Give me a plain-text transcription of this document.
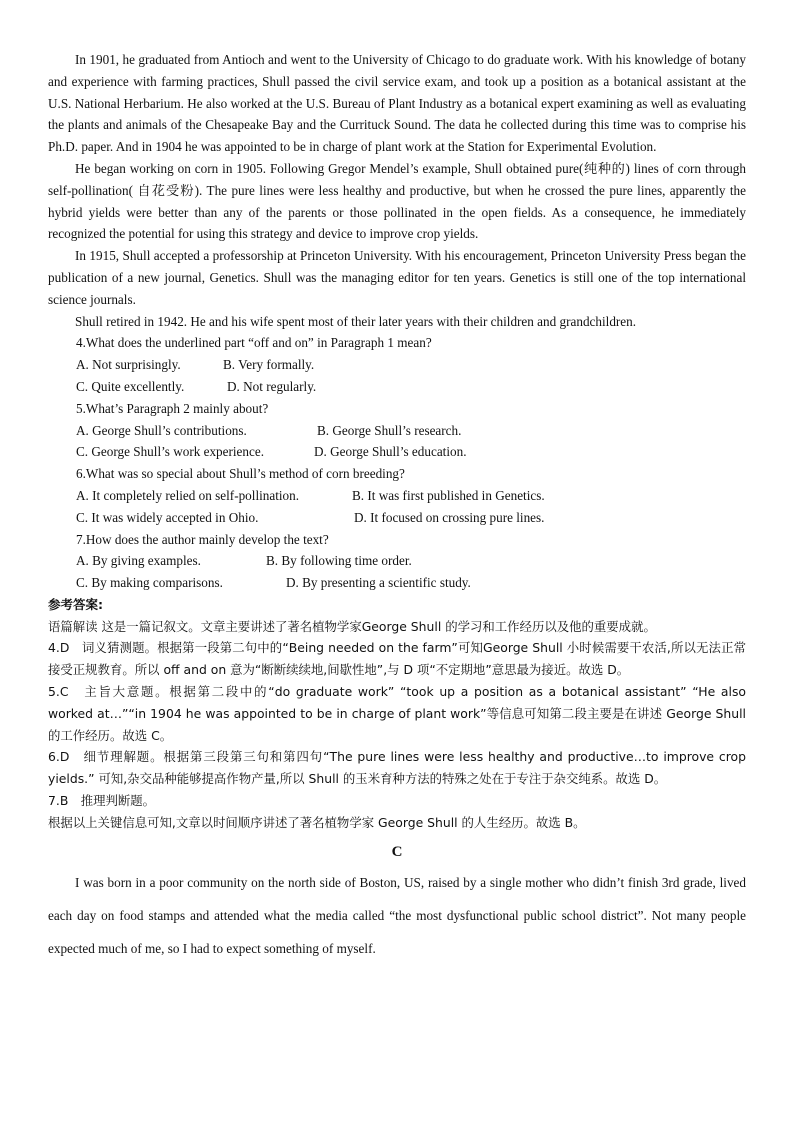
In 1901, he graduated from Antioch and went to the University of Chicago to do graduate work. With his knowledge of botany and experience with farming practices, Shull passed the civil service exam, and took up a position as a botanical assistant at the U.S. National Herbarium. He also worked at the U.S. Bureau of Plant Industry as a botanical expert examining as well as evaluating the plants and animals of the Chesapeake Bay and the Currituck Sound. The data he collected during this time was to comprise his Ph.D. paper. And in 1904 he was appointed to be in charge of plant work at the Station for Experimental Evolution.

He began working on corn in 1905. Following Gregor Mendel’s example, Shull obtained pure(纯种的) lines of corn through self-pollination( 自花受粉). The pure lines were less healthy and productive, but when he crossed the pure lines, apparently the hybrid yields were better than any of the parents or those pollinated in the open fields. As a consequence, he immediately recognized the potential for using this strategy and device to improve crop yields.

In 1915, Shull accepted a professorship at Princeton University. With his encouragement, Princeton University Press began the publication of a new journal, Genetics. Shull was the managing editor for ten years. Genetics is still one of the top international science journals.

Shull retired in 1942. He and his wife spent most of their later years with their children and grandchildren.

4.What does the underlined part “off and on” in Paragraph 1 mean?

A. Not surprisingly.	B. Very formally.
C. Quite excellently.	D. Not regularly.

5.What’s Paragraph 2 mainly about?

A. George Shull’s contributions.	B. George Shull’s research.
C. George Shull’s work experience.	D. George Shull’s education.

6.What was so special about Shull’s method of corn breeding?

A. It completely relied on self-pollination.	B. It was first published in Genetics.
C. It was widely accepted in Ohio.	D. It focused on crossing pure lines.

7.How does the author mainly develop the text?

A. By giving examples.	B. By following time order.
C. By making comparisons.	D. By presenting a scientific study.

参考答案:

语篇解读 这是一篇记叙文。文章主要讲述了著名植物学家George Shull 的学习和工作经历以及他的重要成就。

4.D　词义猜测题。根据第一段第二句中的“Being needed on the farm”可知George Shull 小时候需要干农活,所以无法正常接受正规教育。所以 off and on 意为“断断续续地,间歇性地”,与 D 项“不定期地”意思最为接近。故选 D。

5.C　主旨大意题。根据第二段中的“do graduate work” “took up a position as a botanical assistant” “He also worked at…”“in 1904 he was appointed to be in charge of plant work”等信息可知第二段主要是在讲述 George Shull 的工作经历。故选 C。

6.D　细节理解题。根据第三段第三句和第四句“The pure lines were less healthy and productive…to improve crop yields.” 可知,杂交品种能够提高作物产量,所以 Shull 的玉米育种方法的特殊之处在于专注于杂交纯系。故选 D。

7.B　推理判断题。

根据以上关键信息可知,文章以时间顺序讲述了著名植物学家 George Shull 的人生经历。故选 B。

C

I was born in a poor community on the north side of Boston, US, raised by a single mother who didn’t finish 3rd grade, lived each day on food stamps and attended what the media called “the most dysfunctional public school district”. Not many people expected much of me, so I had to expect something of myself.
